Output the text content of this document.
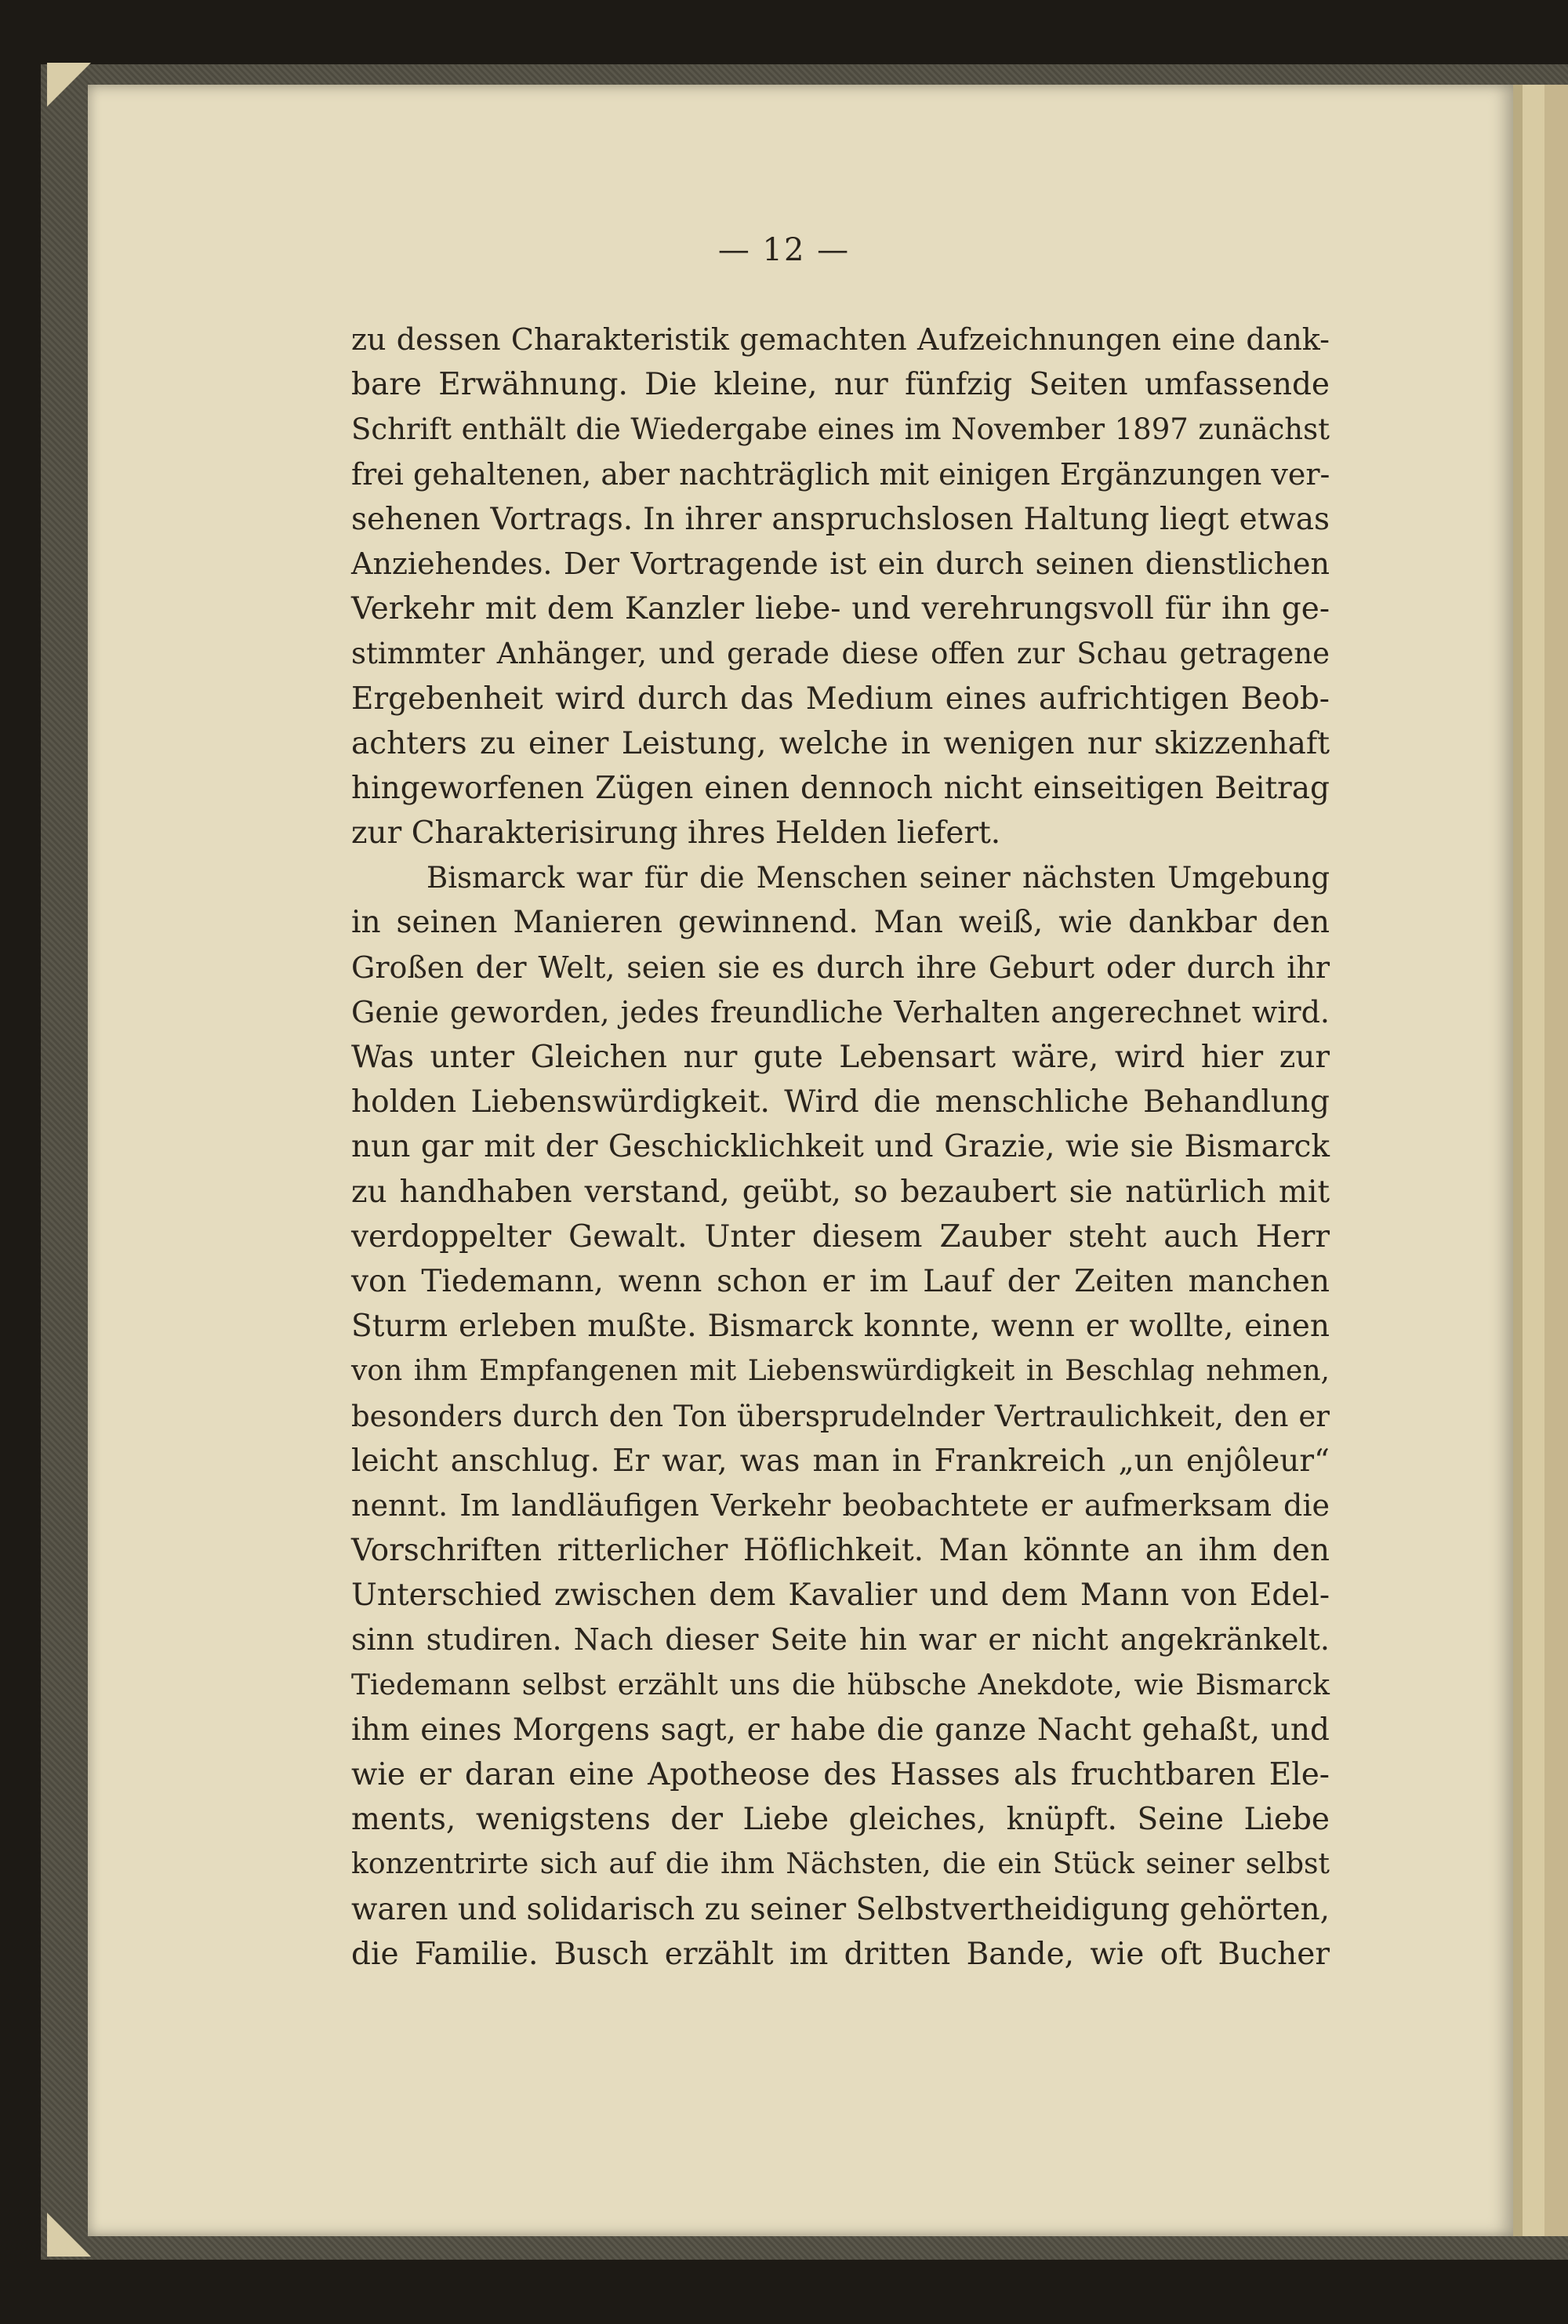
— 12 —
zu dessen Charakteristik gemachten Aufzeichnungen eine dank-
bare Erwähnung. Die kleine, nur fünfzig Seiten umfassende
Schrift enthält die Wiedergabe eines im November 1897 zunächst
frei gehaltenen, aber nachträglich mit einigen Ergänzungen ver-
sehenen Vortrags. In ihrer anspruchslosen Haltung liegt etwas
Anziehendes. Der Vortragende ist ein durch seinen dienstlichen
Verkehr mit dem Kanzler liebe- und verehrungsvoll für ihn ge-
stimmter Anhänger, und gerade diese offen zur Schau getragene
Ergebenheit wird durch das Medium eines aufrichtigen Beob-
achters zu einer Leistung, welche in wenigen nur skizzenhaft
hingeworfenen Zügen einen dennoch nicht einseitigen Beitrag
zur Charakterisirung ihres Helden liefert.
Bismarck war für die Menschen seiner nächsten Umgebung
in seinen Manieren gewinnend. Man weiß, wie dankbar den
Großen der Welt, seien sie es durch ihre Geburt oder durch ihr
Genie geworden, jedes freundliche Verhalten angerechnet wird.
Was unter Gleichen nur gute Lebensart wäre, wird hier zur
holden Liebenswürdigkeit. Wird die menschliche Behandlung
nun gar mit der Geschicklichkeit und Grazie, wie sie Bismarck
zu handhaben verstand, geübt, so bezaubert sie natürlich mit
verdoppelter Gewalt. Unter diesem Zauber steht auch Herr
von Tiedemann, wenn schon er im Lauf der Zeiten manchen
Sturm erleben mußte. Bismarck konnte, wenn er wollte, einen
von ihm Empfangenen mit Liebenswürdigkeit in Beschlag nehmen,
besonders durch den Ton übersprudelnder Vertraulichkeit, den er
leicht anschlug. Er war, was man in Frankreich „un enjôleur“
nennt. Im landläufigen Verkehr beobachtete er aufmerksam die
Vorschriften ritterlicher Höflichkeit. Man könnte an ihm den
Unterschied zwischen dem Kavalier und dem Mann von Edel-
sinn studiren. Nach dieser Seite hin war er nicht angekränkelt.
Tiedemann selbst erzählt uns die hübsche Anekdote, wie Bismarck
ihm eines Morgens sagt, er habe die ganze Nacht gehaßt, und
wie er daran eine Apotheose des Hasses als fruchtbaren Ele-
ments, wenigstens der Liebe gleiches, knüpft. Seine Liebe
konzentrirte sich auf die ihm Nächsten, die ein Stück seiner selbst
waren und solidarisch zu seiner Selbstvertheidigung gehörten,
die Familie. Busch erzählt im dritten Bande, wie oft Bucher
